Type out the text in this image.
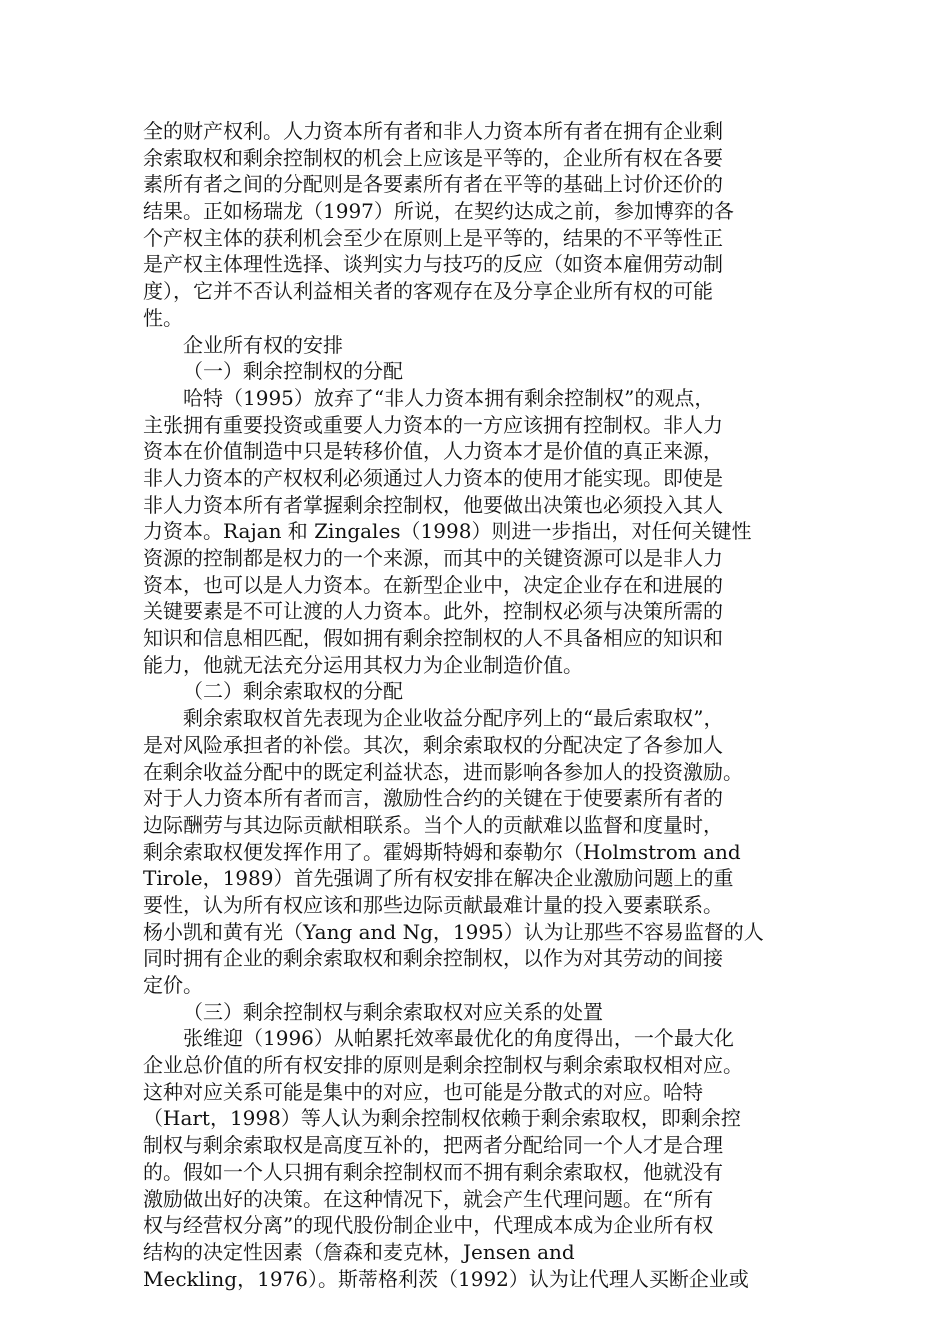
全的财产权利。人力资本所有者和非人力资本所有者在拥有企业剩
余索取权和剩余控制权的机会上应该是平等的，企业所有权在各要
素所有者之间的分配则是各要素所有者在平等的基础上讨价还价的
结果。正如杨瑞龙（1997）所说，在契约达成之前，参加博弈的各
个产权主体的获利机会至少在原则上是平等的，结果的不平等性正
是产权主体理性选择、谈判实力与技巧的反应（如资本雇佣劳动制
度），它并不否认利益相关者的客观存在及分享企业所有权的可能
性。
企业所有权的安排
（一）剩余控制权的分配
哈特（1995）放弃了“非人力资本拥有剩余控制权”的观点，
主张拥有重要投资或重要人力资本的一方应该拥有控制权。非人力
资本在价值制造中只是转移价值，人力资本才是价值的真正来源，
非人力资本的产权权利必须通过人力资本的使用才能实现。即使是
非人力资本所有者掌握剩余控制权，他要做出决策也必须投入其人
力资本。Rajan 和 Zingales（1998）则进一步指出，对任何关键性
资源的控制都是权力的一个来源，而其中的关键资源可以是非人力
资本，也可以是人力资本。在新型企业中，决定企业存在和进展的
关键要素是不可让渡的人力资本。此外，控制权必须与决策所需的
知识和信息相匹配，假如拥有剩余控制权的人不具备相应的知识和
能力，他就无法充分运用其权力为企业制造价值。
（二）剩余索取权的分配
剩余索取权首先表现为企业收益分配序列上的“最后索取权”，
是对风险承担者的补偿。其次，剩余索取权的分配决定了各参加人
在剩余收益分配中的既定利益状态，进而影响各参加人的投资激励。
对于人力资本所有者而言，激励性合约的关键在于使要素所有者的
边际酬劳与其边际贡献相联系。当个人的贡献难以监督和度量时，
剩余索取权便发挥作用了。霍姆斯特姆和泰勒尔（Holmstrom and
Tirole，1989）首先强调了所有权安排在解决企业激励问题上的重
要性，认为所有权应该和那些边际贡献最难计量的投入要素联系。
杨小凯和黄有光（Yang and Ng，1995）认为让那些不容易监督的人
同时拥有企业的剩余索取权和剩余控制权，以作为对其劳动的间接
定价。
（三）剩余控制权与剩余索取权对应关系的处置
张维迎（1996）从帕累托效率最优化的角度得出，一个最大化
企业总价值的所有权安排的原则是剩余控制权与剩余索取权相对应。
这种对应关系可能是集中的对应，也可能是分散式的对应。哈特
（Hart，1998）等人认为剩余控制权依赖于剩余索取权，即剩余控
制权与剩余索取权是高度互补的，把两者分配给同一个人才是合理
的。假如一个人只拥有剩余控制权而不拥有剩余索取权，他就没有
激励做出好的决策。在这种情况下，就会产生代理问题。在“所有
权与经营权分离”的现代股份制企业中，代理成本成为企业所有权
结构的决定性因素（詹森和麦克林，Jensen and
Meckling，1976）。斯蒂格利茨（1992）认为让代理人买断企业或
